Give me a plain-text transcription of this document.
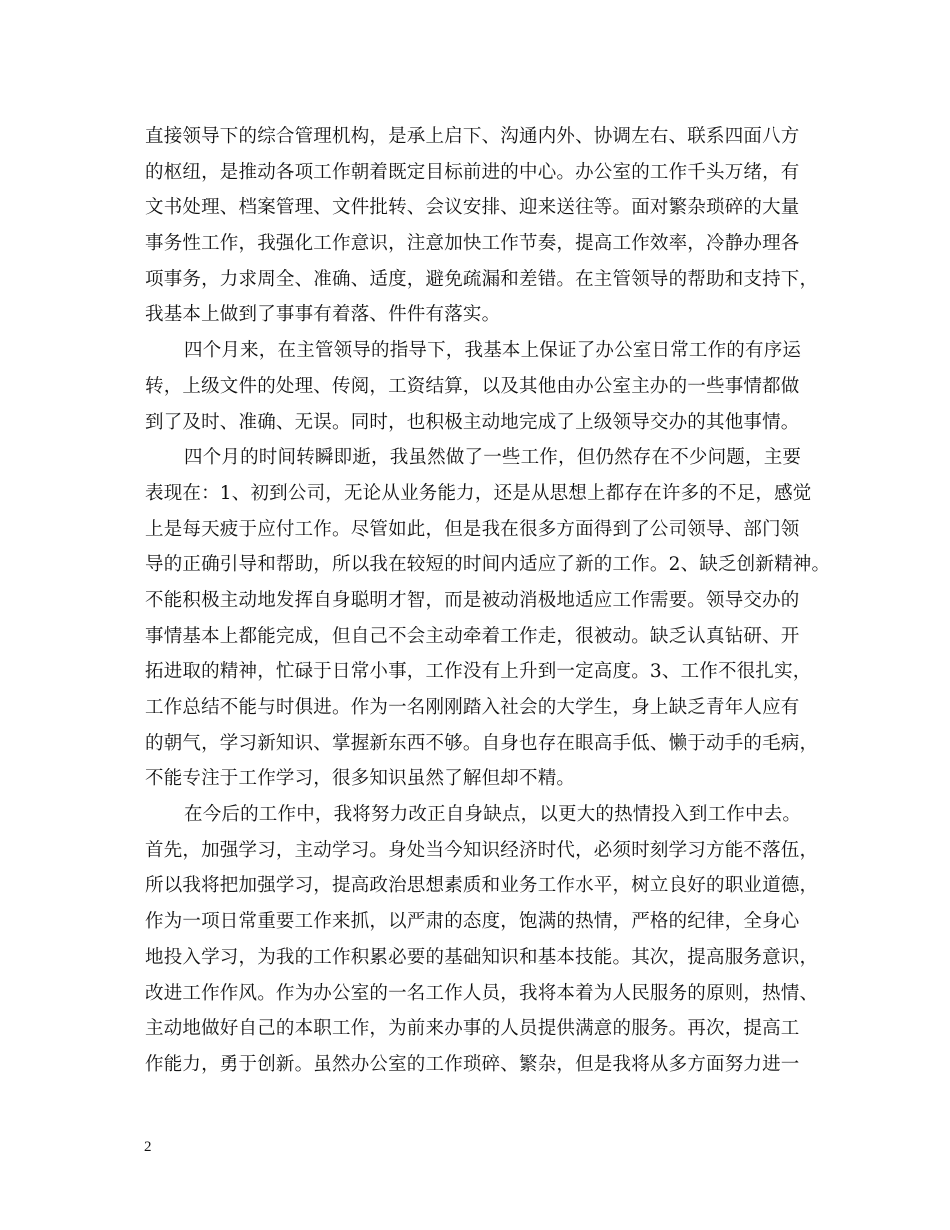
直接领导下的综合管理机构，是承上启下、沟通内外、协调左右、联系四面八方
的枢纽，是推动各项工作朝着既定目标前进的中心。办公室的工作千头万绪，有
文书处理、档案管理、文件批转、会议安排、迎来送往等。面对繁杂琐碎的大量
事务性工作，我强化工作意识，注意加快工作节奏，提高工作效率，冷静办理各
项事务，力求周全、准确、适度，避免疏漏和差错。在主管领导的帮助和支持下，
我基本上做到了事事有着落、件件有落实。
四个月来，在主管领导的指导下，我基本上保证了办公室日常工作的有序运
转，上级文件的处理、传阅，工资结算，以及其他由办公室主办的一些事情都做
到了及时、准确、无误。同时，也积极主动地完成了上级领导交办的其他事情。
四个月的时间转瞬即逝，我虽然做了一些工作，但仍然存在不少问题，主要
表现在：1、初到公司，无论从业务能力，还是从思想上都存在许多的不足，感觉
上是每天疲于应付工作。尽管如此，但是我在很多方面得到了公司领导、部门领
导的正确引导和帮助，所以我在较短的时间内适应了新的工作。2、缺乏创新精神。
不能积极主动地发挥自身聪明才智，而是被动消极地适应工作需要。领导交办的
事情基本上都能完成，但自己不会主动牵着工作走，很被动。缺乏认真钻研、开
拓进取的精神，忙碌于日常小事，工作没有上升到一定高度。3、工作不很扎实，
工作总结不能与时俱进。作为一名刚刚踏入社会的大学生，身上缺乏青年人应有
的朝气，学习新知识、掌握新东西不够。自身也存在眼高手低、懒于动手的毛病，
不能专注于工作学习，很多知识虽然了解但却不精。
在今后的工作中，我将努力改正自身缺点，以更大的热情投入到工作中去。
首先，加强学习，主动学习。身处当今知识经济时代，必须时刻学习方能不落伍，
所以我将把加强学习，提高政治思想素质和业务工作水平，树立良好的职业道德，
作为一项日常重要工作来抓，以严肃的态度，饱满的热情，严格的纪律，全身心
地投入学习，为我的工作积累必要的基础知识和基本技能。其次，提高服务意识，
改进工作作风。作为办公室的一名工作人员，我将本着为人民服务的原则，热情、
主动地做好自己的本职工作，为前来办事的人员提供满意的服务。再次，提高工
作能力，勇于创新。虽然办公室的工作琐碎、繁杂，但是我将从多方面努力进一
2
